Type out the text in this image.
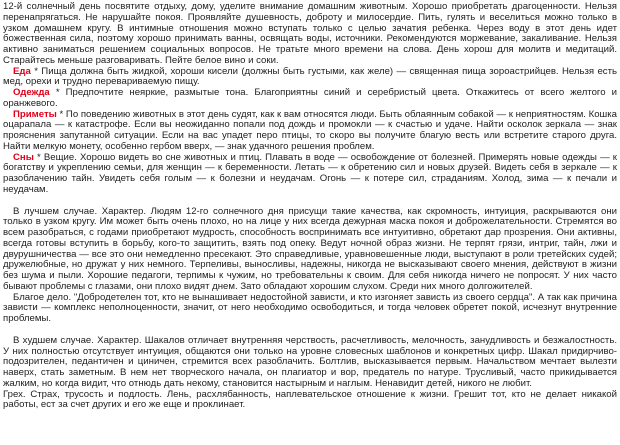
12-й солнечный день посвятите отдыху, дому, уделите внимание домашним животным. Хорошо приобретать драгоценности. Нельзя перенапрягаться. Не нарушайте покоя. Проявляйте душевность, доброту и милосердие. Пить, гулять и веселиться можно только в узком домашнем кругу. В интимные отношения можно вступать только с целью зачатия ребенка. Через воду в этот день идет божественная сила, поэтому хорошо принимать ванны, освящать воды, источники. Рекомендуются моржевание, закаливание. Нельзя активно заниматься решением социальных вопросов. Не тратьте много времени на слова. День хорош для молитв и медитаций. Старайтесь меньше разговаривать. Пейте белое вино и соки.

Еда * Пища должна быть жидкой, хороши кисели (должны быть густыми, как желе) — священная пища зороастрийцев. Нельзя есть мед, орехи и трудно перевариваемую пищу.

Одежда * Предпочтите неяркие, размытые тона. Благоприятны синий и серебристый цвета. Откажитесь от всего желтого и оранжевого.

Приметы * По поведению животных в этот день судят, как к вам относятся люди. Быть облаянным собакой — к неприятностям. Кошка оцарапала — к катастрофе. Если вы неожиданно попали под дождь и промокли — к счастью и удаче. Найти осколок зеркала — знак прояснения запутанной ситуации. Если на вас упадет перо птицы, то скоро вы получите благую весть или встретите старого друга. Найти мелкую монету, особенно гербом вверх, — знак удачного решения проблем.

Сны * Вещие. Хорошо видеть во сне животных и птиц. Плавать в воде — освобождение от болезней. Примерять новые одежды — к богатству и укреплению семьи, для женщин — к беременности. Летать — к обретению сил и новых друзей. Видеть себя в зеркале — к разоблачению тайн. Увидеть себя голым — к болезни и неудачам. Огонь — к потере сил, страданиям. Холод, зима — к печали и неудачам.

В лучшем случае. Характер. Людям 12-го солнечного дня присущи такие качества, как скромность, интуиция, раскрываются они только в узком кругу. Им может быть очень плохо, но на лице у них всегда дежурная маска покоя и доброжелательности. Стремятся во всем разобраться, с годами приобретают мудрость, способность воспринимать все интуитивно, обретают дар прозрения. Они активны, всегда готовы вступить в борьбу, кого-то защитить, взять под опеку. Ведут ночной образ жизни. Не терпят грязи, интриг, тайн, лжи и двурушничества — все это они немедленно пресекают. Это справедливые, уравновешенные люди, выступают в роли третейских судей; дружелюбные, но дружат у них немного. Терпеливы, выносливы, надежны, никогда не высказывают своего мнения, действуют в жизни без шума и пыли. Хорошие педагоги, терпимы к чужим, но требовательны к своим. Для себя никогда ничего не попросят. У них часто бывают проблемы с глазами, они плохо видят днем. Зато обладают хорошим слухом. Среди них много долгожителей.

Благое дело. "Добродетелен тот, кто не вынашивает недостойной зависти, и кто изгоняет зависть из своего сердца". А так как причина зависти — комплекс неполноценности, значит, от него необходимо освободиться, и тогда человек обретет покой, исчезнут внутренние проблемы.

В худшем случае. Характер. Шакалов отличает внутренняя черствость, расчетливость, мелочность, занудливость и безжалостность. У них полностью отсутствует интуиция, общаются они только на уровне словесных шаблонов и конкретных цифр. Шакал придирчиво-подозрителен, педантичен и циничен, стремится всех разоблачить. Болтлив, высказывается первым. Начальством мечтает вылезти наверх, стать заметным. В нем нет творческого начала, он плагиатор и вор, предатель по натуре. Трусливый, часто прикидывается жалким, но когда видит, что отнюдь дать некому, становится настырным и наглым. Ненавидит детей, никого не любит.

Грех. Страх, трусость и подлость. Лень, расхлябанность, наплевательское отношение к жизни. Грешит тот, кто не делает никакой работы, ест за счет других и его же еще и проклинает.
